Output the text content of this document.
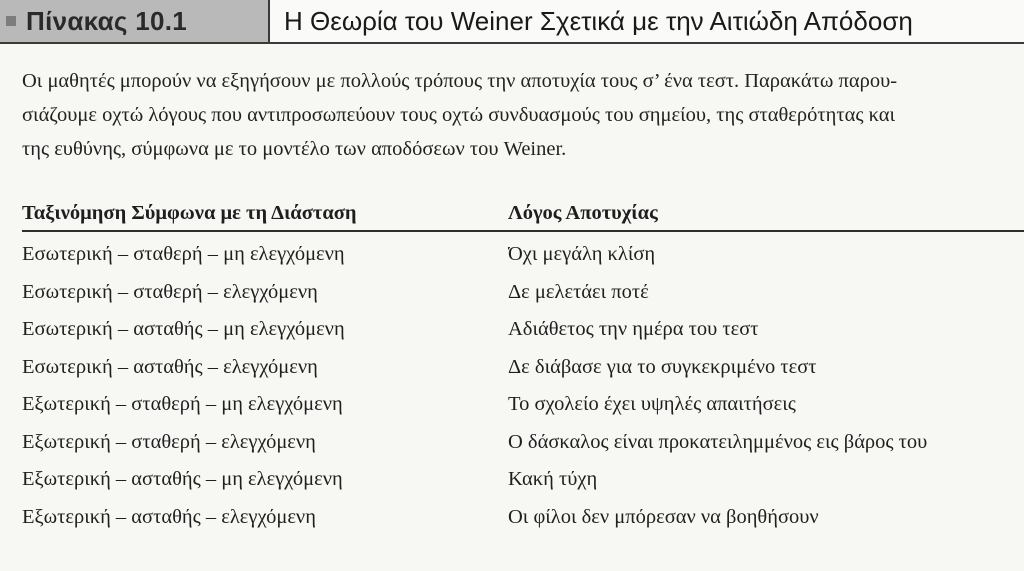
Πίνακας 10.1	Η Θεωρία του Weiner Σχετικά με την Αιτιώδη Απόδοση
Οι μαθητές μπορούν να εξηγήσουν με πολλούς τρόπους την αποτυχία τους σ’ ένα τεστ. Παρακάτω παρου-
σιάζουμε οχτώ λόγους που αντιπροσωπεύουν τους οχτώ συνδυασμούς του σημείου, της σταθερότητας και
της ευθύνης, σύμφωνα με το μοντέλο των αποδόσεων του Weiner.
Ταξινόμηση Σύμφωνα με τη Διάσταση	Λόγος Αποτυχίας
Εσωτερική – σταθερή – μη ελεγχόμενη	Όχι μεγάλη κλίση
Εσωτερική – σταθερή – ελεγχόμενη	Δε μελετάει ποτέ
Εσωτερική – ασταθής – μη ελεγχόμενη	Αδιάθετος την ημέρα του τεστ
Εσωτερική – ασταθής – ελεγχόμενη	Δε διάβασε για το συγκεκριμένο τεστ
Εξωτερική – σταθερή – μη ελεγχόμενη	Το σχολείο έχει υψηλές απαιτήσεις
Εξωτερική – σταθερή – ελεγχόμενη	Ο δάσκαλος είναι προκατειλημμένος εις βάρος του
Εξωτερική – ασταθής – μη ελεγχόμενη	Κακή τύχη
Εξωτερική – ασταθής – ελεγχόμενη	Οι φίλοι δεν μπόρεσαν να βοηθήσουν
